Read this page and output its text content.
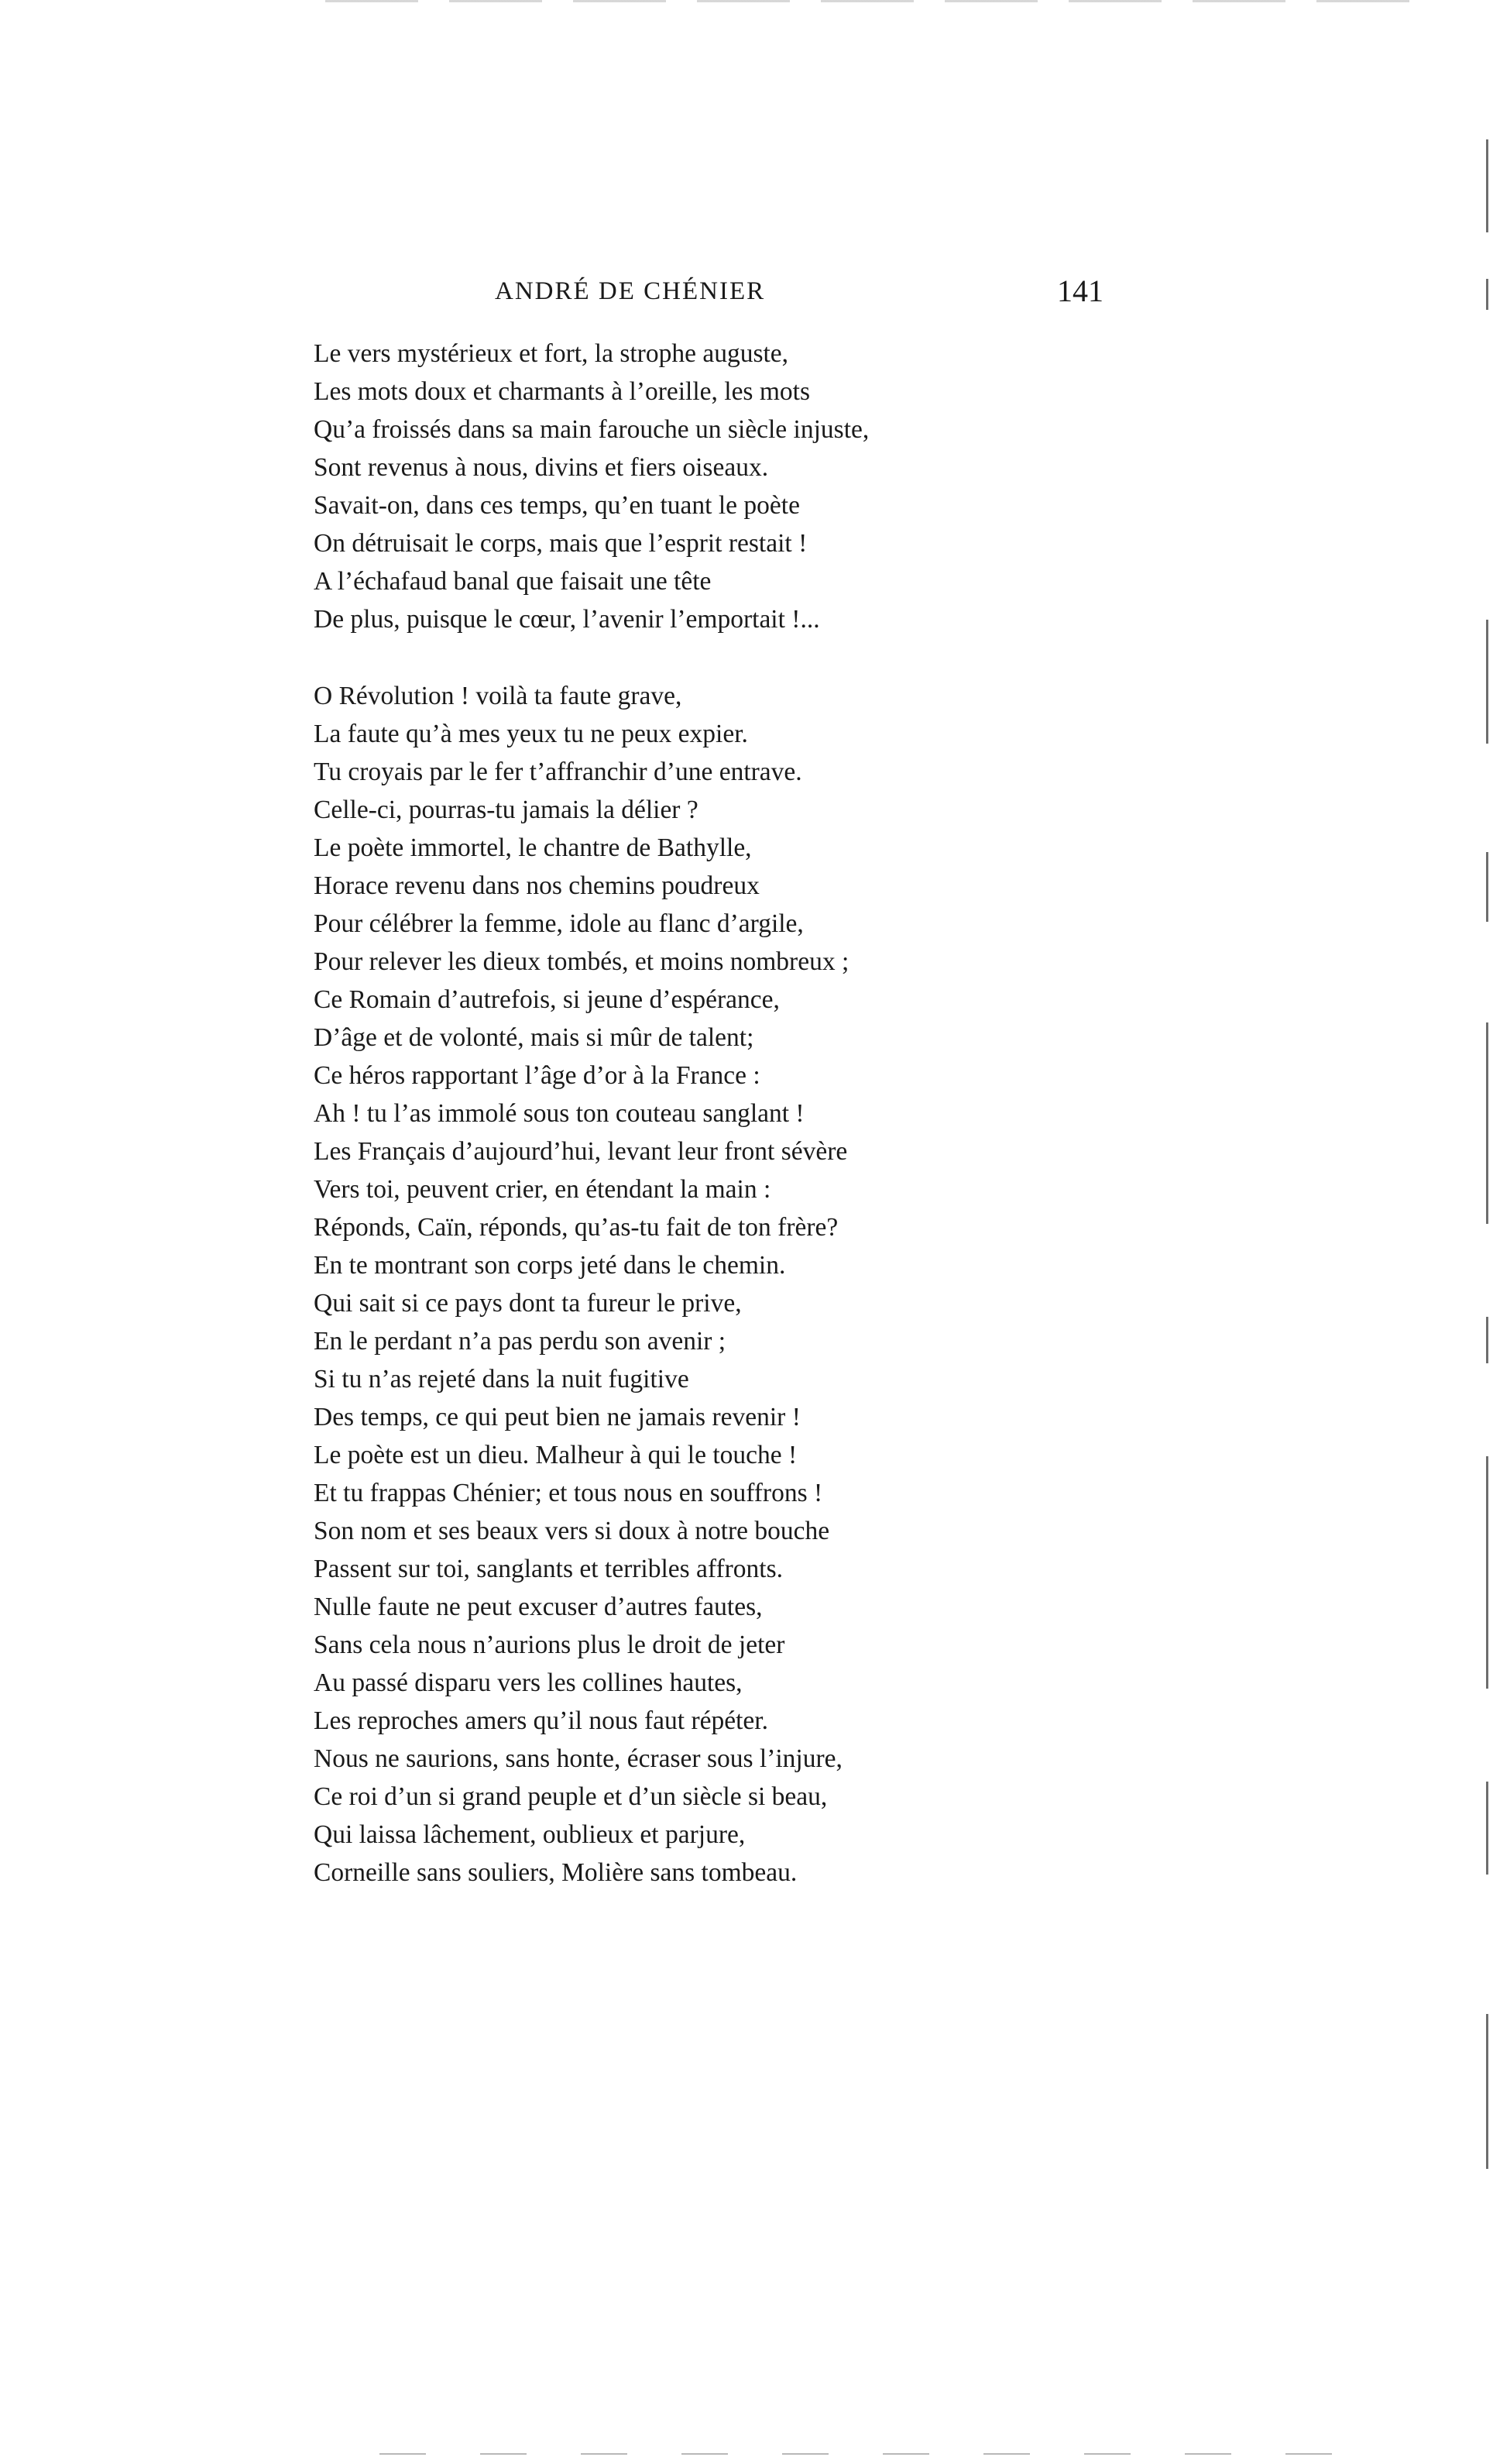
ANDRÉ DE CHÉNIER	141
Le vers mystérieux et fort, la strophe auguste,
Les mots doux et charmants à l’oreille, les mots
Qu’a froissés dans sa main farouche un siècle injuste,
Sont revenus à nous, divins et fiers oiseaux.
Savait-on, dans ces temps, qu’en tuant le poète
On détruisait le corps, mais que l’esprit restait !
A l’échafaud banal que faisait une tête
De plus, puisque le cœur, l’avenir l’emportait !...
O Révolution ! voilà ta faute grave,
La faute qu’à mes yeux tu ne peux expier.
Tu croyais par le fer t’affranchir d’une entrave.
Celle-ci, pourras-tu jamais la délier ?
Le poète immortel, le chantre de Bathylle,
Horace revenu dans nos chemins poudreux
Pour célébrer la femme, idole au flanc d’argile,
Pour relever les dieux tombés, et moins nombreux ;
Ce Romain d’autrefois, si jeune d’espérance,
D’âge et de volonté, mais si mûr de talent;
Ce héros rapportant l’âge d’or à la France :
Ah ! tu l’as immolé sous ton couteau sanglant !
Les Français d’aujourd’hui, levant leur front sévère
Vers toi, peuvent crier, en étendant la main :
Réponds, Caïn, réponds, qu’as-tu fait de ton frère?
En te montrant son corps jeté dans le chemin.
Qui sait si ce pays dont ta fureur le prive,
En le perdant n’a pas perdu son avenir ;
Si tu n’as rejeté dans la nuit fugitive
Des temps, ce qui peut bien ne jamais revenir !
Le poète est un dieu. Malheur à qui le touche !
Et tu frappas Chénier; et tous nous en souffrons !
Son nom et ses beaux vers si doux à notre bouche
Passent sur toi, sanglants et terribles affronts.
Nulle faute ne peut excuser d’autres fautes,
Sans cela nous n’aurions plus le droit de jeter
Au passé disparu vers les collines hautes,
Les reproches amers qu’il nous faut répéter.
Nous ne saurions, sans honte, écraser sous l’injure,
Ce roi d’un si grand peuple et d’un siècle si beau,
Qui laissa lâchement, oublieux et parjure,
Corneille sans souliers, Molière sans tombeau.
